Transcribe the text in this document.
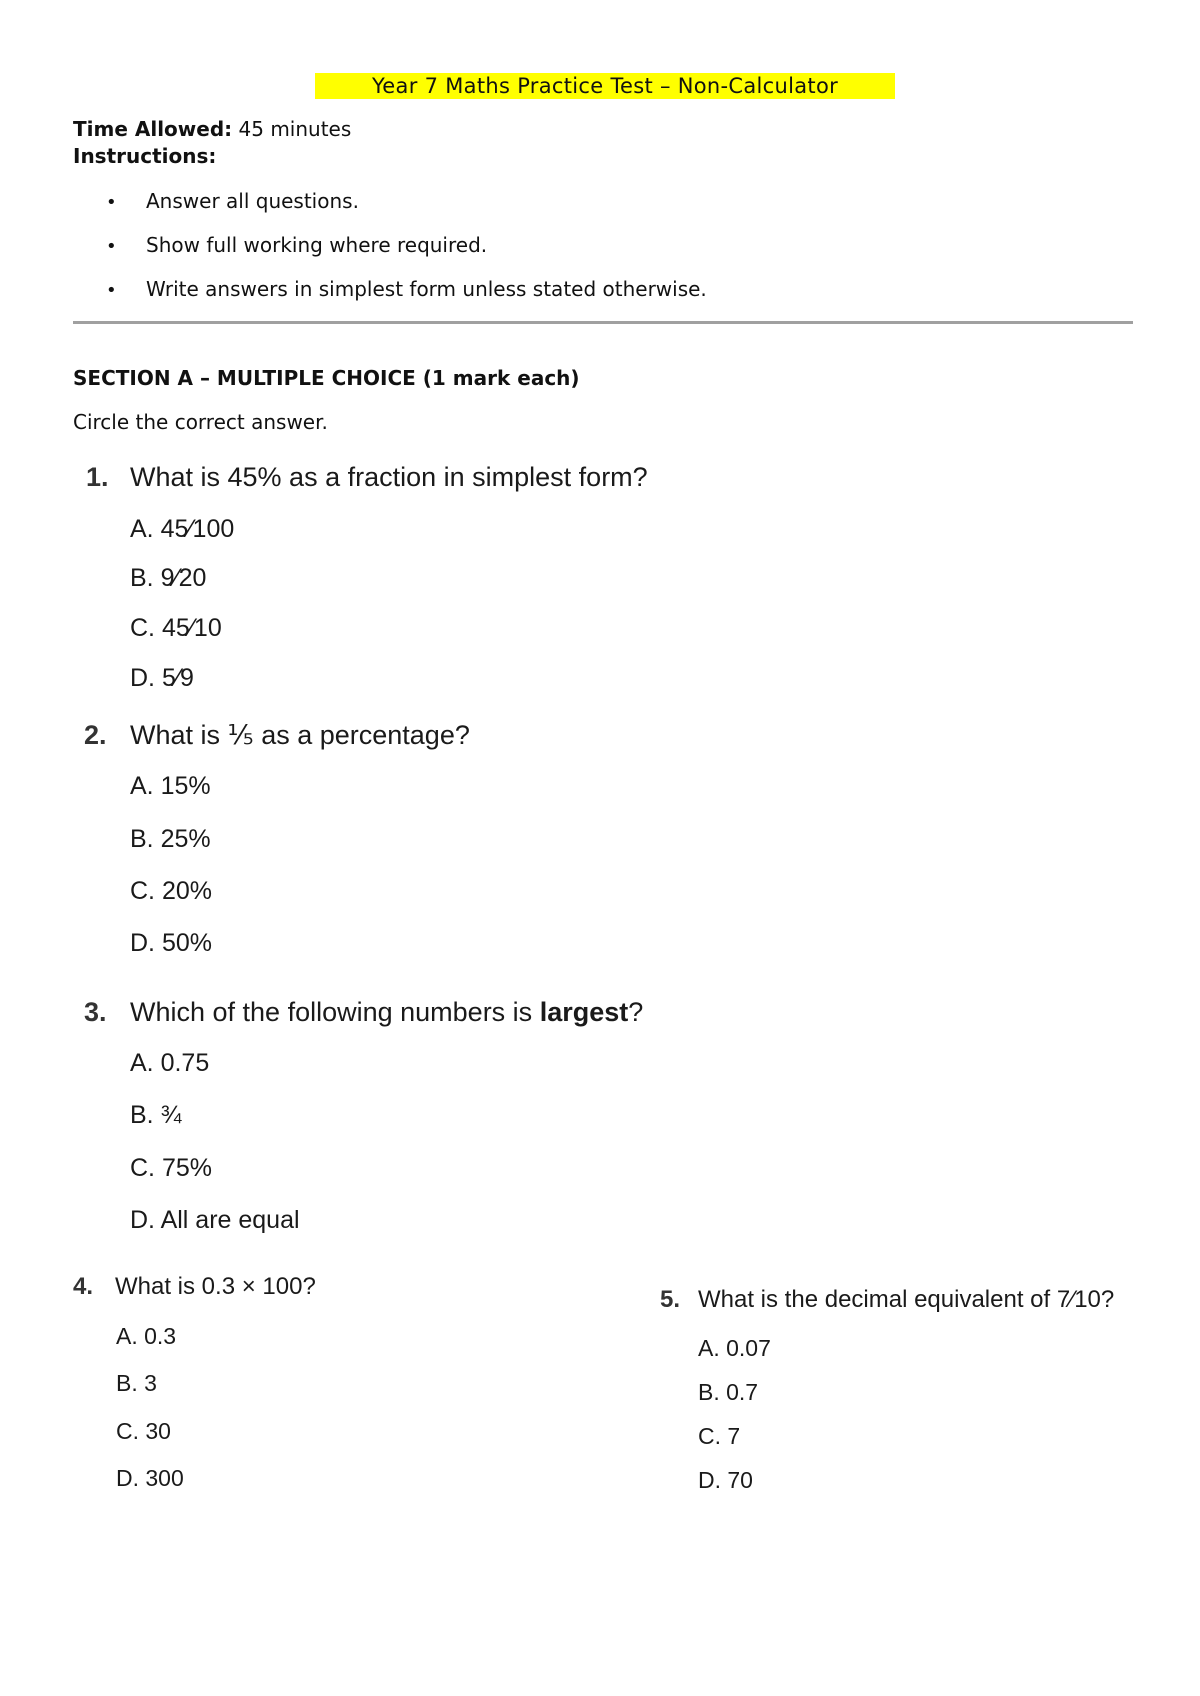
Year 7 Maths Practice Test – Non-Calculator
Time Allowed: 45 minutes
Instructions:
• Answer all questions.
• Show full working where required.
• Write answers in simplest form unless stated otherwise.
SECTION A – MULTIPLE CHOICE (1 mark each)
Circle the correct answer.
1. What is 45% as a fraction in simplest form?
A. 45⁄100
B. 9⁄20
C. 45⁄10
D. 5⁄9
2. What is ⅕ as a percentage?
A. 15%
B. 25%
C. 20%
D. 50%
3. Which of the following numbers is largest?
A. 0.75
B. ¾
C. 75%
D. All are equal
4. What is 0.3 × 100?
A. 0.3
B. 3
C. 30
D. 300
5. What is the decimal equivalent of 7⁄10?
A. 0.07
B. 0.7
C. 7
D. 70
